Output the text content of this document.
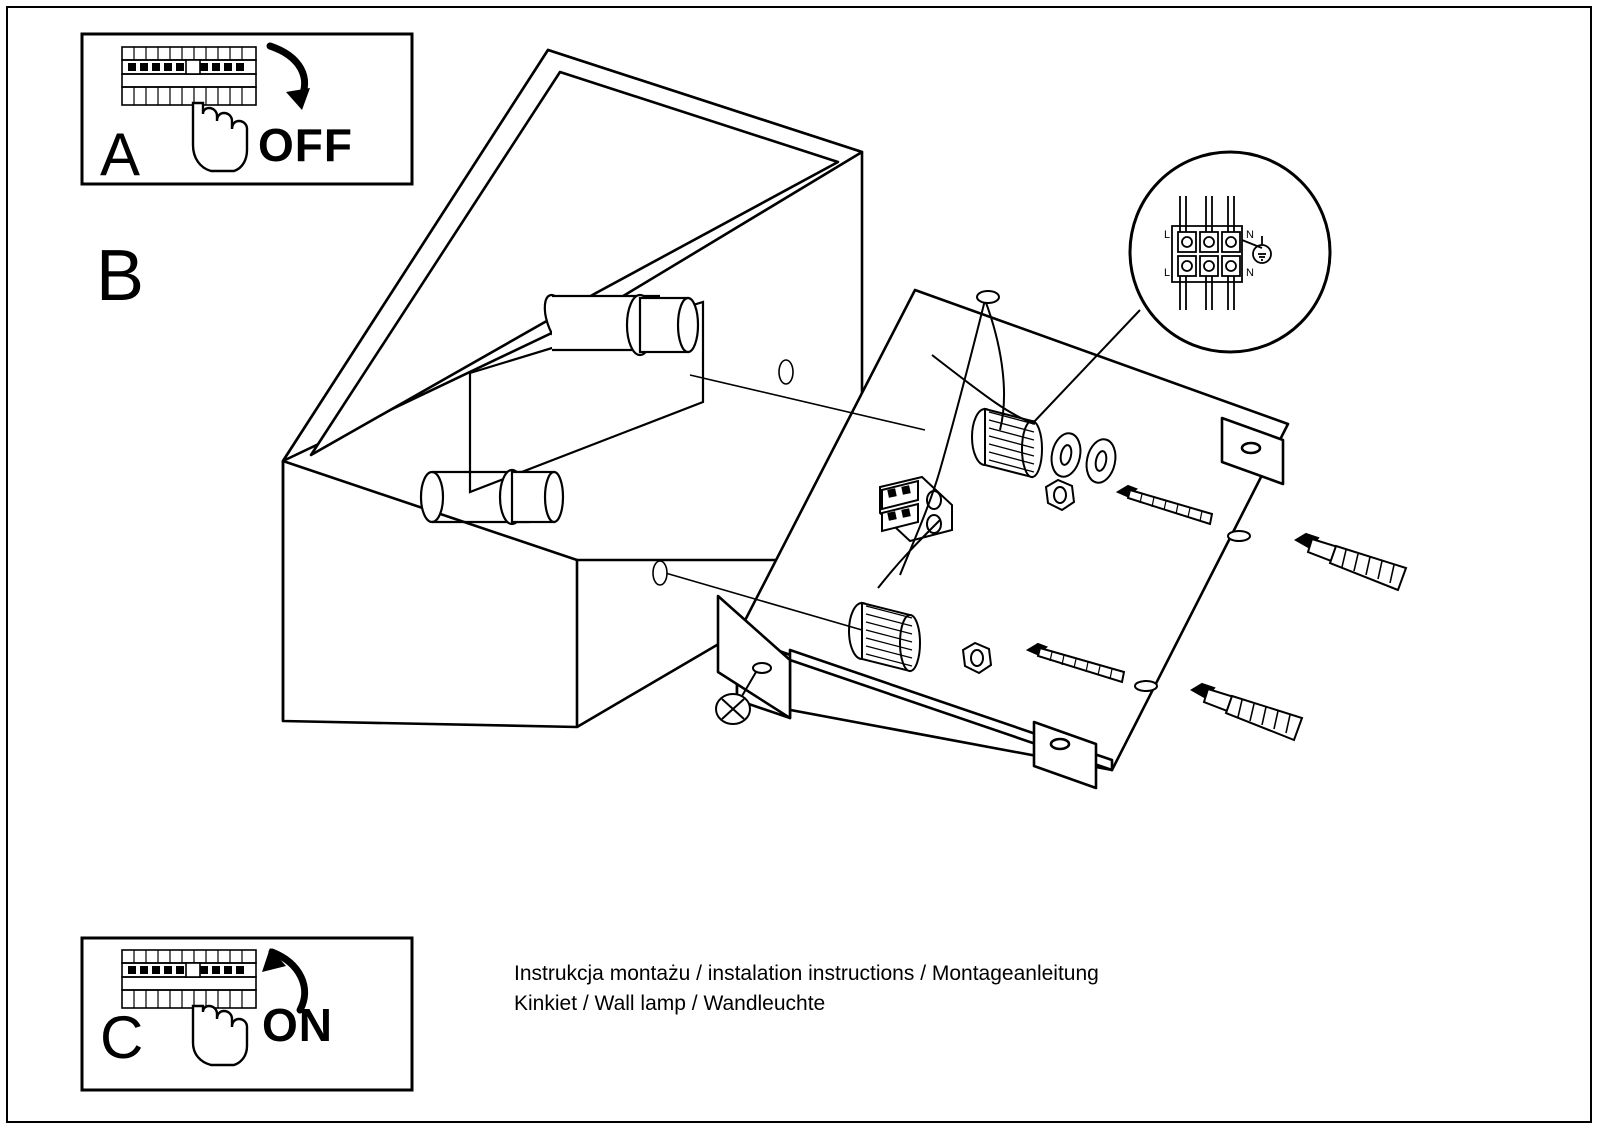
L	N
L	N
A	OFF
B
C	ON
Instrukcja montażu / instalation instructions / Montageanleitung
Kinkiet / Wall lamp / Wandleuchte
